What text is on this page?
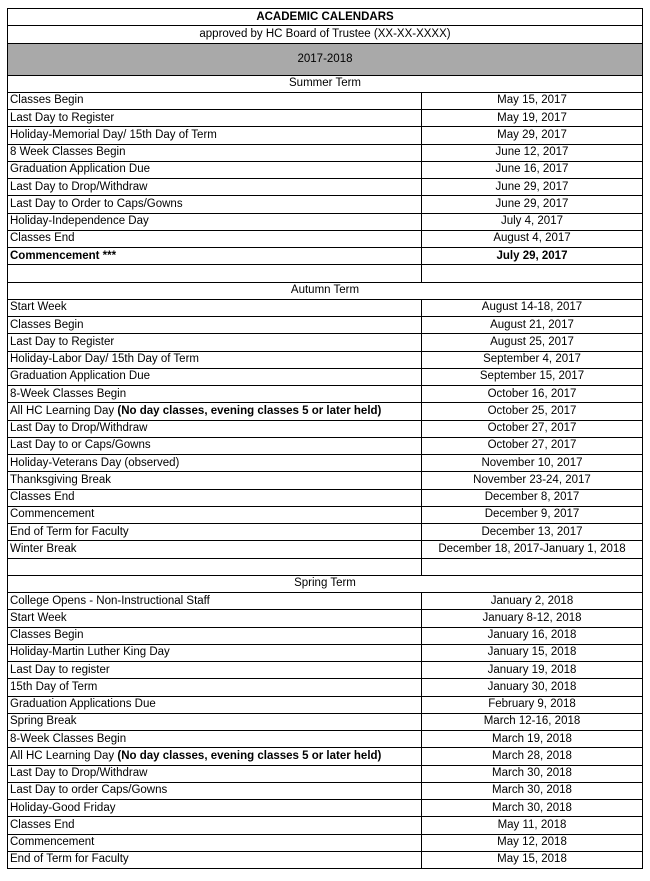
ACADEMIC CALENDARS	
approved by HC Board of Trustee (XX-XX-XXXX)	
2017-2018	
Summer Term	
Classes Begin	May 15, 2017
Last Day to Register	May 19, 2017
Holiday-Memorial Day/ 15th Day of Term	May 29, 2017
8 Week Classes Begin	June 12, 2017
Graduation Application Due	June 16, 2017
Last Day to Drop/Withdraw	June 29, 2017
Last Day to Order to Caps/Gowns	June 29, 2017
Holiday-Independence Day	July 4, 2017
Classes End	August 4, 2017
Commencement ***	July 29, 2017

Autumn Term	
Start Week	August 14-18, 2017
Classes Begin	August 21, 2017
Last Day to Register	August 25, 2017
Holiday-Labor Day/ 15th Day of Term	September 4, 2017
Graduation Application Due	September 15, 2017
8-Week Classes Begin	October 16, 2017
All HC Learning Day (No day classes, evening classes 5 or later held)	October 25, 2017
Last Day to Drop/Withdraw	October 27, 2017
Last Day to or Caps/Gowns	October 27, 2017
Holiday-Veterans Day (observed)	November 10, 2017
Thanksgiving Break	November 23-24, 2017
Classes End	December 8, 2017
Commencement	December 9, 2017
End of Term for Faculty	December 13, 2017
Winter Break	December 18, 2017-January 1, 2018

Spring Term	
College Opens - Non-Instructional Staff	January 2, 2018
Start Week	January 8-12, 2018
Classes Begin	January 16, 2018
Holiday-Martin Luther King Day	January 15, 2018
Last Day to register	January 19, 2018
15th Day of Term	January 30, 2018
Graduation Applications Due	February 9, 2018
Spring Break	March 12-16, 2018
8-Week Classes Begin	March 19, 2018
All HC Learning Day (No day classes, evening classes 5 or later held)	March 28, 2018
Last Day to Drop/Withdraw	March 30, 2018
Last Day to order Caps/Gowns	March 30, 2018
Holiday-Good Friday	March 30, 2018
Classes End	May 11, 2018
Commencement	May 12, 2018
End of Term for Faculty	May 15, 2018
